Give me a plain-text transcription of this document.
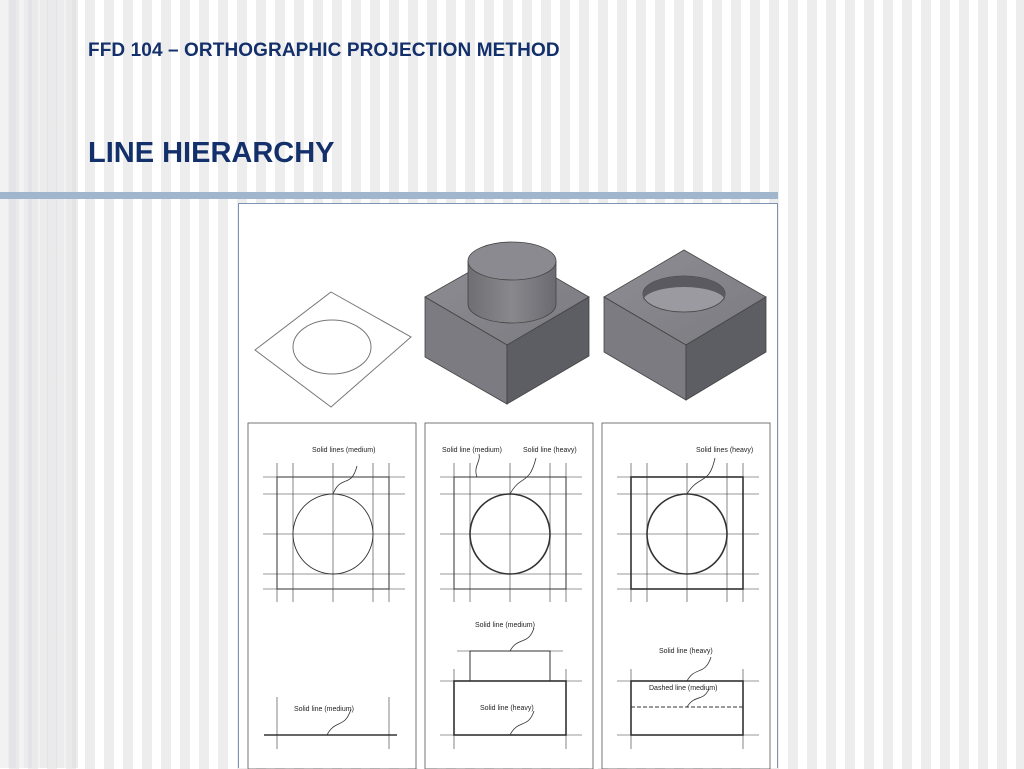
FFD 104 – ORTHOGRAPHIC PROJECTION METHOD
LINE HIERARCHY
Solid lines (medium)
Solid line (medium)
Solid line (medium)	Solid line (heavy)
Solid line (medium)
Solid line (heavy)
Solid lines (heavy)
Solid line (heavy)
Dashed line (medium)
